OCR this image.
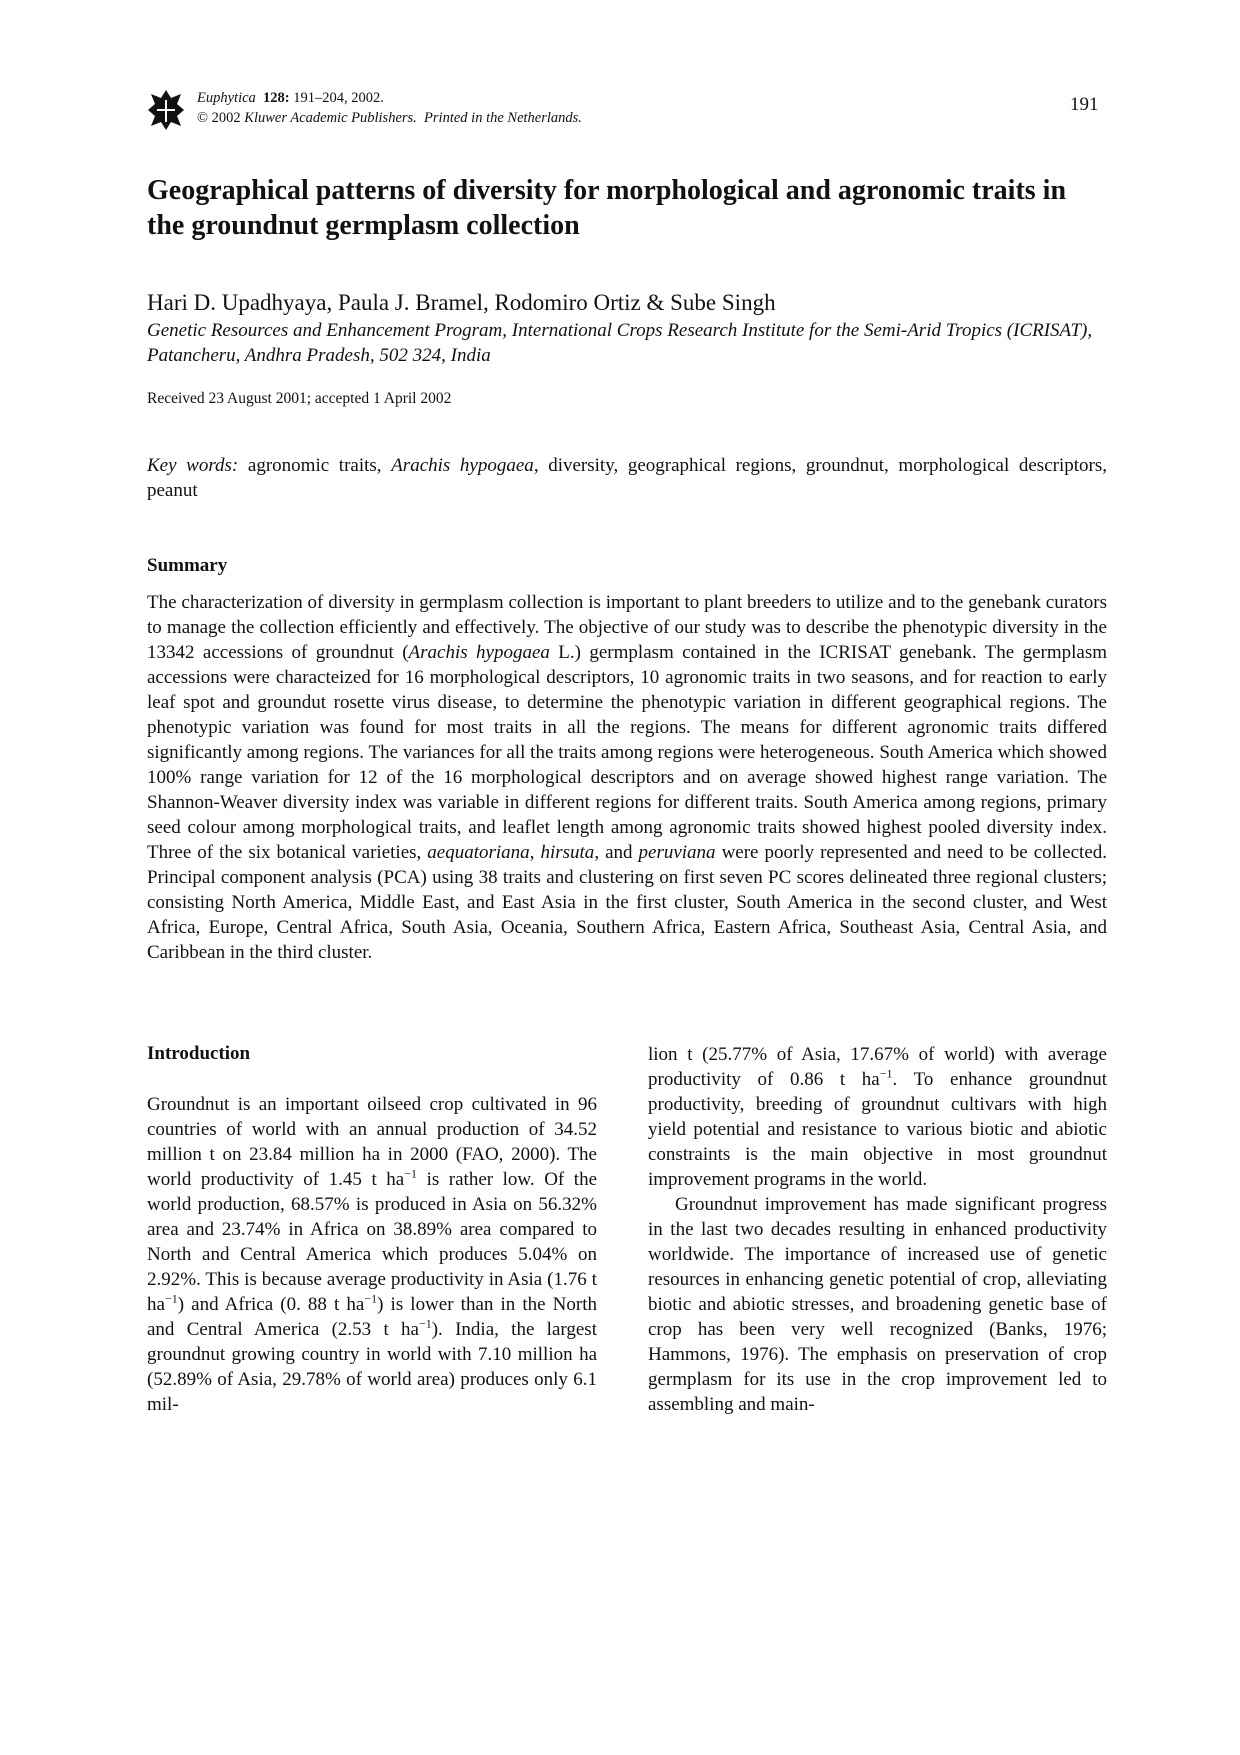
Euphytica 128: 191–204, 2002.
© 2002 Kluwer Academic Publishers. Printed in the Netherlands.
191
Geographical patterns of diversity for morphological and agronomic traits in the groundnut germplasm collection
Hari D. Upadhyaya, Paula J. Bramel, Rodomiro Ortiz & Sube Singh
Genetic Resources and Enhancement Program, International Crops Research Institute for the Semi-Arid Tropics (ICRISAT), Patancheru, Andhra Pradesh, 502 324, India
Received 23 August 2001; accepted 1 April 2002
Key words: agronomic traits, Arachis hypogaea, diversity, geographical regions, groundnut, morphological descriptors, peanut
Summary

The characterization of diversity in germplasm collection is important to plant breeders to utilize and to the genebank curators to manage the collection efficiently and effectively. The objective of our study was to describe the phenotypic diversity in the 13342 accessions of groundnut (Arachis hypogaea L.) germplasm contained in the ICRISAT genebank. The germplasm accessions were characteized for 16 morphological descriptors, 10 agronomic traits in two seasons, and for reaction to early leaf spot and groundut rosette virus disease, to determine the phenotypic variation in different geographical regions. The phenotypic variation was found for most traits in all the regions. The means for different agronomic traits differed significantly among regions. The variances for all the traits among regions were heterogeneous. South America which showed 100% range variation for 12 of the 16 morphological descriptors and on average showed highest range variation. The Shannon-Weaver diversity index was variable in different regions for different traits. South America among regions, primary seed colour among morphological traits, and leaflet length among agronomic traits showed highest pooled diversity index. Three of the six botanical varieties, aequatoriana, hirsuta, and peruviana were poorly represented and need to be collected. Principal component analysis (PCA) using 38 traits and clustering on first seven PC scores delineated three regional clusters; consisting North America, Middle East, and East Asia in the first cluster, South America in the second cluster, and West Africa, Europe, Central Africa, South Asia, Oceania, Southern Africa, Eastern Africa, Southeast Asia, Central Asia, and Caribbean in the third cluster.

Introduction

Groundnut is an important oilseed crop cultivated in 96 countries of world with an annual production of 34.52 million t on 23.84 million ha in 2000 (FAO, 2000). The world productivity of 1.45 t $ha^{-1}$ is rather low. Of the world production, 68.57% is produced in Asia on 56.32% area and 23.74% in Africa on 38.89% area compared to North and Central America which produces 5.04% on 2.92%. This is because average productivity in Asia (1.76 t $ha^{-1}$) and Africa (0. 88 t $ha^{-1}$) is lower than in the North and Central America (2.53 t $ha^{-1}$). India, the largest groundnut growing country in world with 7.10 million ha (52.89% of Asia, 29.78% of world area) produces only 6.1 mil-

lion t (25.77% of Asia, 17.67% of world) with average productivity of 0.86 t $ha^{-1}$. To enhance groundnut productivity, breeding of groundnut cultivars with high yield potential and resistance to various biotic and abiotic constraints is the main objective in most groundnut improvement programs in the world.

Groundnut improvement has made significant progress in the last two decades resulting in enhanced productivity worldwide. The importance of increased use of genetic resources in enhancing genetic potential of crop, alleviating biotic and abiotic stresses, and broadening genetic base of crop has been very well recognized (Banks, 1976; Hammons, 1976). The emphasis on preservation of crop germplasm for its use in the crop improvement led to assembling and main-
